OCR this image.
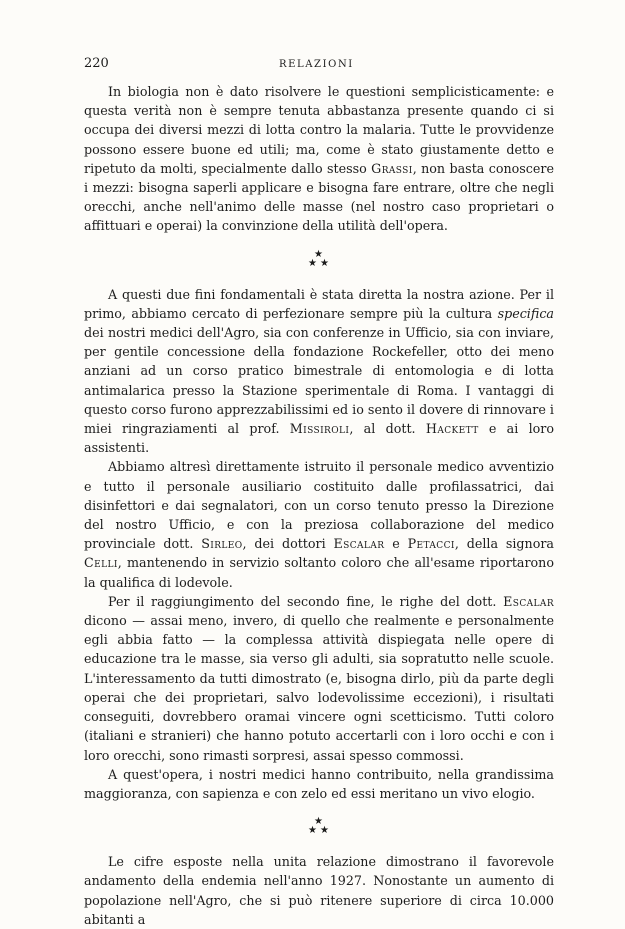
220	RELAZIONI

In biologia non è dato risolvere le questioni semplicisticamente: e questa verità non è sempre tenuta abbastanza presente quando ci si occupa dei diversi mezzi di lotta contro la malaria. Tutte le provvidenze possono essere buone ed utili; ma, come è stato giustamente detto e ripetuto da molti, specialmente dallo stesso Grassi, non basta conoscere i mezzi: bisogna saperli applicare e bisogna fare entrare, oltre che negli orecchi, anche nell'animo delle masse (nel nostro caso proprietari o affittuari e operai) la convinzione della utilità dell'opera.

★
★ ★

A questi due fini fondamentali è stata diretta la nostra azione. Per il primo, abbiamo cercato di perfezionare sempre più la cultura specifica dei nostri medici dell'Agro, sia con conferenze in Ufficio, sia con inviare, per gentile concessione della fondazione Rockefeller, otto dei meno anziani ad un corso pratico bimestrale di entomologia e di lotta antimalarica presso la Stazione sperimentale di Roma. I vantaggi di questo corso furono apprezzabilissimi ed io sento il dovere di rinnovare i miei ringraziamenti al prof. Missiroli, al dott. Hackett e ai loro assistenti.

Abbiamo altresì direttamente istruito il personale medico avventizio e tutto il personale ausiliario costituito dalle profilassatrici, dai disinfettori e dai segnalatori, con un corso tenuto presso la Direzione del nostro Ufficio, e con la preziosa collaborazione del medico provinciale dott. Sirleo, dei dottori Escalar e Petacci, della signora Celli, mantenendo in servizio soltanto coloro che all'esame riportarono la qualifica di lodevole.

Per il raggiungimento del secondo fine, le righe del dott. Escalar dicono — assai meno, invero, di quello che realmente e personalmente egli abbia fatto — la complessa attività dispiegata nelle opere di educazione tra le masse, sia verso gli adulti, sia sopratutto nelle scuole. L'interessamento da tutti dimostrato (e, bisogna dirlo, più da parte degli operai che dei proprietari, salvo lodevolissime eccezioni), i risultati conseguiti, dovrebbero oramai vincere ogni scetticismo. Tutti coloro (italiani e stranieri) che hanno potuto accertarli con i loro occhi e con i loro orecchi, sono rimasti sorpresi, assai spesso commossi.

A quest'opera, i nostri medici hanno contribuito, nella grandissima maggioranza, con sapienza e con zelo ed essi meritano un vivo elogio.

★
★ ★

Le cifre esposte nella unita relazione dimostrano il favorevole andamento della endemia nell'anno 1927. Nonostante un aumento di popolazione nell'Agro, che si può ritenere superiore di circa 10.000 abitanti a
